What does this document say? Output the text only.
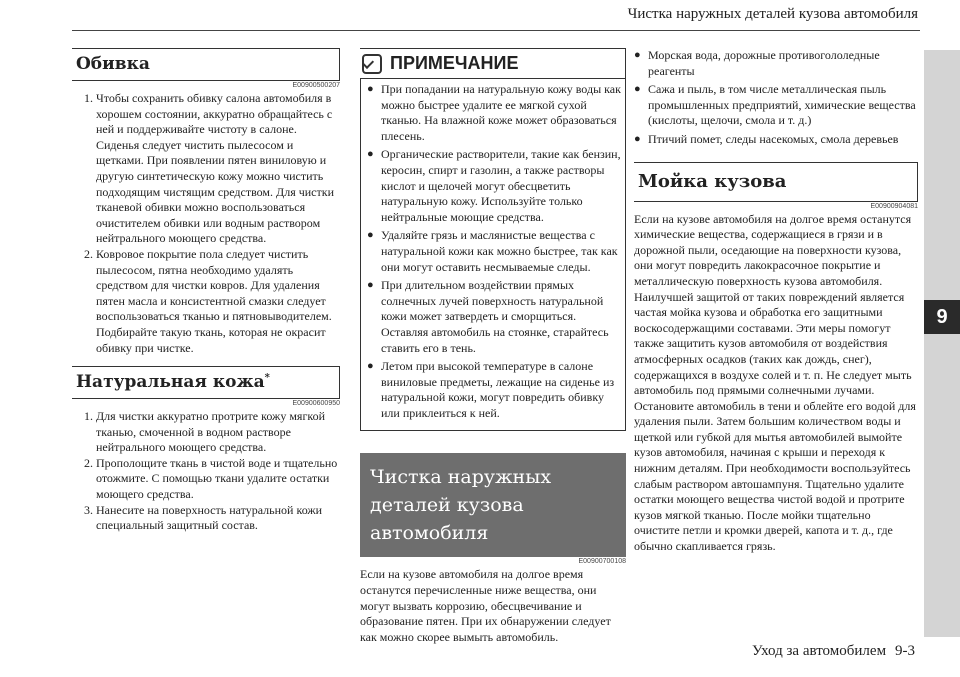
Чистка наружных деталей кузова автомобиля
9
Обивка
E00900500207
1. Чтобы сохранить обивку салона автомобиля в хорошем состоянии, аккуратно обращайтесь с ней и поддерживайте чистоту в салоне. Сиденья следует чистить пылесосом и щетками. При появлении пятен виниловую и другую синтетическую кожу можно чистить подходящим чистящим средством. Для чистки тканевой обивки можно воспользоваться очистителем обивки или водным раствором нейтрального моющего средства.
2. Ковровое покрытие пола следует чистить пылесосом, пятна необходимо удалять средством для чистки ковров. Для удаления пятен масла и консистентной смазки следует воспользоваться тканью и пятновыводителем. Подбирайте такую ткань, которая не окрасит обивку при чистке.
Натуральная кожа*
E00900600950
1. Для чистки аккуратно протрите кожу мягкой тканью, смоченной в водном растворе нейтрального моющего средства.
2. Прополощите ткань в чистой воде и тщательно отожмите. С помощью ткани удалите остатки моющего средства.
3. Нанесите на поверхность натуральной кожи специальный защитный состав.
ПРИМЕЧАНИЕ
● При попадании на натуральную кожу воды как можно быстрее удалите ее мягкой сухой тканью. На влажной коже может образоваться плесень.
● Органические растворители, такие как бензин, керосин, спирт и газолин, а также растворы кислот и щелочей могут обесцветить натуральную кожу. Используйте только нейтральные моющие средства.
● Удаляйте грязь и маслянистые вещества с натуральной кожи как можно быстрее, так как они могут оставить несмываемые следы.
● При длительном воздействии прямых солнечных лучей поверхность натуральной кожи может затвердеть и сморщиться. Оставляя автомобиль на стоянке, старайтесь ставить его в тень.
● Летом при высокой температуре в салоне виниловые предметы, лежащие на сиденье из натуральной кожи, могут повредить обивку или приклеиться к ней.
Чистка наружных деталей кузова автомобиля
E00900700108

Если на кузове автомобиля на долгое время останутся перечисленные ниже вещества, они могут вызвать коррозию, обесцвечивание и образование пятен. При их обнаружении следует как можно скорее вымыть автомобиль.

● Морская вода, дорожные противогололедные реагенты
● Сажа и пыль, в том числе металлическая пыль промышленных предприятий, химические вещества (кислоты, щелочи, смола и т. д.)
● Птичий помет, следы насекомых, смола деревьев
Мойка кузова
E00900904081

Если на кузове автомобиля на долгое время останутся химические вещества, содержащиеся в грязи и в дорожной пыли, оседающие на поверхности кузова, они могут повредить лакокрасочное покрытие и металлическую поверхность кузова автомобиля. Наилучшей защитой от таких повреждений является частая мойка кузова и обработка его защитными воскосодержащими составами. Эти меры помогут также защитить кузов автомобиля от воздействия атмосферных осадков (таких как дождь, снег), содержащихся в воздухе солей и т. п. Не следует мыть автомобиль под прямыми солнечными лучами. Остановите автомобиль в тени и облейте его водой для удаления пыли. Затем большим количеством воды и щеткой или губкой для мытья автомобилей вымойте кузов автомобиля, начиная с крыши и переходя к нижним деталям. При необходимости воспользуйтесь слабым раствором автошампуня. Тщательно удалите остатки моющего вещества чистой водой и протрите кузов мягкой тканью. После мойки тщательно очистите петли и кромки дверей, капота и т. д., где обычно скапливается грязь.

Уход за автомобилем 9-3
